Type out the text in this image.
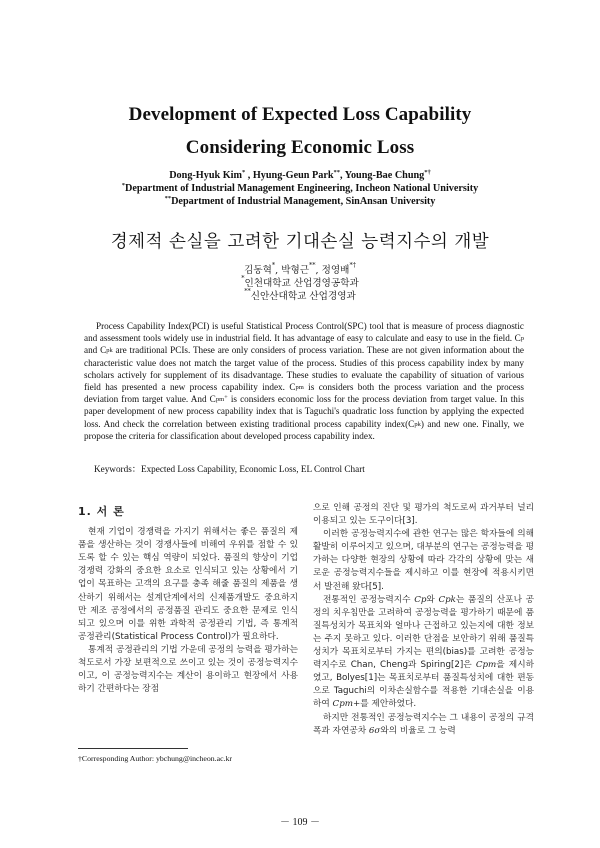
Development of Expected Loss Capability
Considering Economic Loss
Dong-Hyuk Kim* , Hyung-Geun Park**, Young-Bae Chung*†
*Department of Industrial Management Engineering, Incheon National University
**Department of Industrial Management, SinAnsan University
경제적 손실을 고려한 기대손실 능력지수의 개발
김동혁*, 박형근**, 정영배*†
*인천대학교 산업경영공학과
**신안산대학교 산업경영과
Process Capability Index(PCI) is useful Statistical Process Control(SPC) tool that is measure of process diagnostic and assessment tools widely use in industrial field. It has advantage of easy to calculate and easy to use in the field. $C_p$ and $C_{pk}$ are traditional PCIs. These are only considers of process variation. These are not given information about the characteristic value does not match the target value of the process. Studies of this process capability index by many scholars actively for supplement of its disadvantage. These studies to evaluate the capability of situation of various field has presented a new process capability index. $C_{pm}$ is considers both the process variation and the process deviation from target value. And $C_{pm}^+$ is considers economic loss for the process deviation from target value. In this paper development of new process capability index that is Taguchi's quadratic loss function by applying the expected loss. And check the correlation between existing traditional process capability $index(C_{pk})$ and new one. Finally, we propose the criteria for classification about developed process capability index.
Keywords：Expected Loss Capability, Economic Loss, EL Control Chart
1. 서 론

현재 기업이 경쟁력을 가지기 위해서는 좋은 품질의 제품을 생산하는 것이 경쟁사들에 비해여 우위를 점할 수 있도록 할 수 있는 핵심 역량이 되었다. 품질의 향상이 기업 경쟁력 강화의 중요한 요소로 인식되고 있는 상황에서 기업이 목표하는 고객의 요구를 충족 해줄 품질의 제품을 생산하기 위해서는 설계단계에서의 신제품개발도 중요하지만 제조 공정에서의 공정품질 관리도 중요한 문제로 인식되고 있으며 이를 위한 과학적 공정관리 기법, 즉 통계적 공정관리(Statistical Process Control)가 필요하다.

통계적 공정관리의 기법 가운데 공정의 능력을 평가하는 척도로서 가장 보편적으로 쓰이고 있는 것이 공정능력지수이고, 이 공정능력지수는 계산이 용이하고 현장에서 사용하기 간편하다는 장점

으로 인해 공정의 진단 및 평가의 척도로써 과거부터 널리 이용되고 있는 도구이다[3].

이러한 공정능력지수에 관한 연구는 많은 학자들에 의해 활발히 이루어지고 있으며, 대부분의 연구는 공정능력을 평가하는 다양한 현장의 상황에 따라 각각의 상황에 맞는 새로운 공정능력지수들을 제시하고 이를 현장에 적용시키면서 발전해 왔다[5].

전통적인 공정능력지수 Cp와 Cpk는 품질의 산포나 공정의 치우침만을 고려하여 공정능력을 평가하기 때문에 품질특성치가 목표치와 얼마나 근접하고 있는지에 대한 정보는 주지 못하고 있다. 이러한 단점을 보안하기 위해 품질특성치가 목표치로부터 가지는 편의(bias)를 고려한 공정능력지수로 Chan, Cheng과 Spiring[2]은 Cpm을 제시하였고, Bolyes[1]는 목표치로부터 품질특성치에 대한 편동으로 Taguchi의 이차손실함수를 적용한 기대손실을 이용하여 Cpm+를 제안하였다.

하지만 전통적인 공정능력지수는 그 내용이 공정의 규격 폭과 자연공차 6σ와의 비율로 그 능력

†Corresponding Author: ybchung@incheon.ac.kr
－ 109 －
